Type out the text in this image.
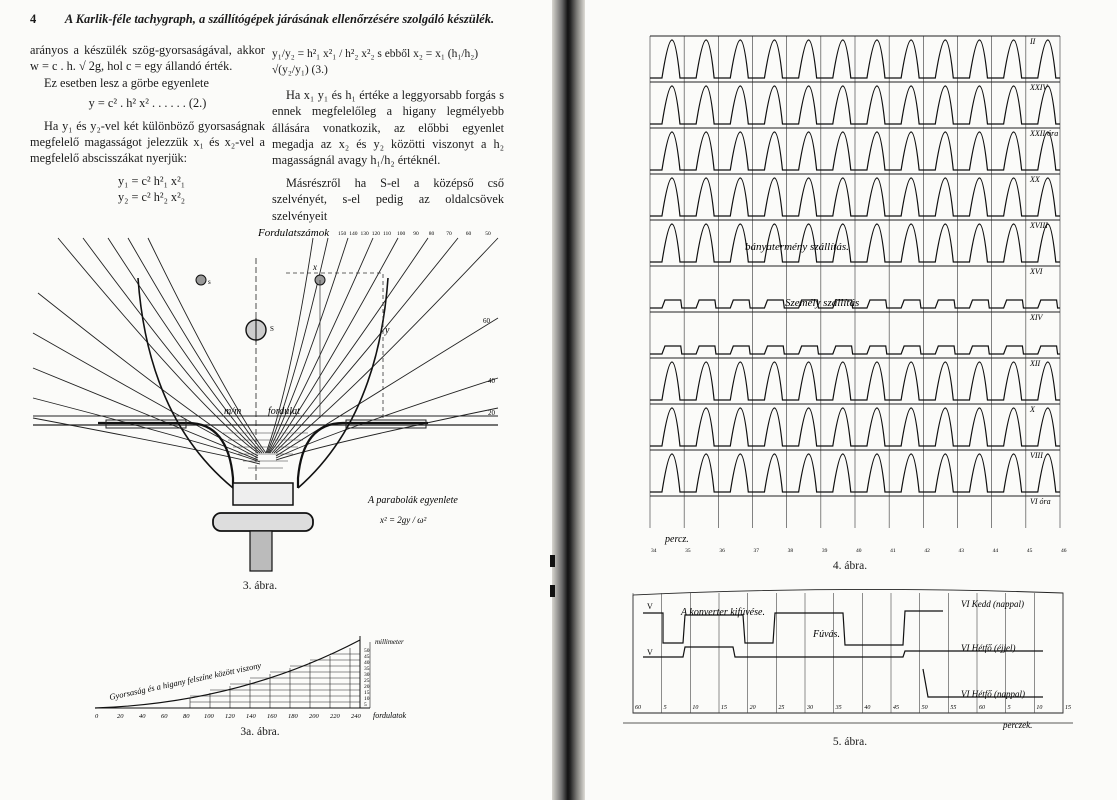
4 A Karlik-féle tachygraph, a szállítógépek járásának ellenőrzésére szolgáló készülék.

arányos a készülék szög-gyorsaságával, akkor w = c . h. √ 2g, hol c = egy állandó érték.

Ez esetben lesz a görbe egyenlete

y = c² . h² x² . . . . . . (2.)

Ha y₁ és y₂-vel két különböző gyorsaságnak megfelelő magasságot jelezzük x₁ és x₂-vel a megfelelő abscisszákat nyerjük:

y₁ = c² h²₁ x²₁

y₂ = c² h²₂ x²₂

y₁/y₂ = h²₁ x²₁ / h²₂ x²₂ s ebből x₂ = x₁ (h₁/h₂) √(y₂/y₁) (3.)

Ha x₁ y₁ és h₁ értéke a leggyorsabb forgás s ennek megfelelőleg a higany legmélyebb állására vonatkozik, az előbbi egyenlet megadja az x₂ és y₂ közötti viszonyt a h₂ magasságnál avagy h₁/h₂ értéknél.

Másrészről ha S-el a középső cső szelvényét, s-el pedig az oldalcsövek szelvényeit

Fordulatszámok 150 140 130 120 110 100 90 80 70	60	50
m/m	fordulat
y
x
s
S
60
40
20
A parabolák egyenlete
x² = 2gy / ω²
3. ábra.
Gyorsaság és a higany felszíne között viszony
millimeter
50
45
40
35
30
25
20
15
10
5
0	20 40 60 80 100 120 140 160 180 200 220 240 fordulatok
3a. ábra.
II
XXIV
XXII óra
XX
XVIII
XVI
XIV
XII
X
VIII
VI óra
34	35	36	37	38	39	40	41	42	43	44	45	46
bányatermény szállítás.
Személy szállítás
percz.
4. ábra.
60	5	10	15	20	25	30	35	40	45	50	55	60	5	10	15
A konverter kifúvése.
Fúvás.
VI Kedd (nappal)
VI Hétfő (éjjel)
VI Hétfő (nappal)
V
V
perczek.
5. ábra.
